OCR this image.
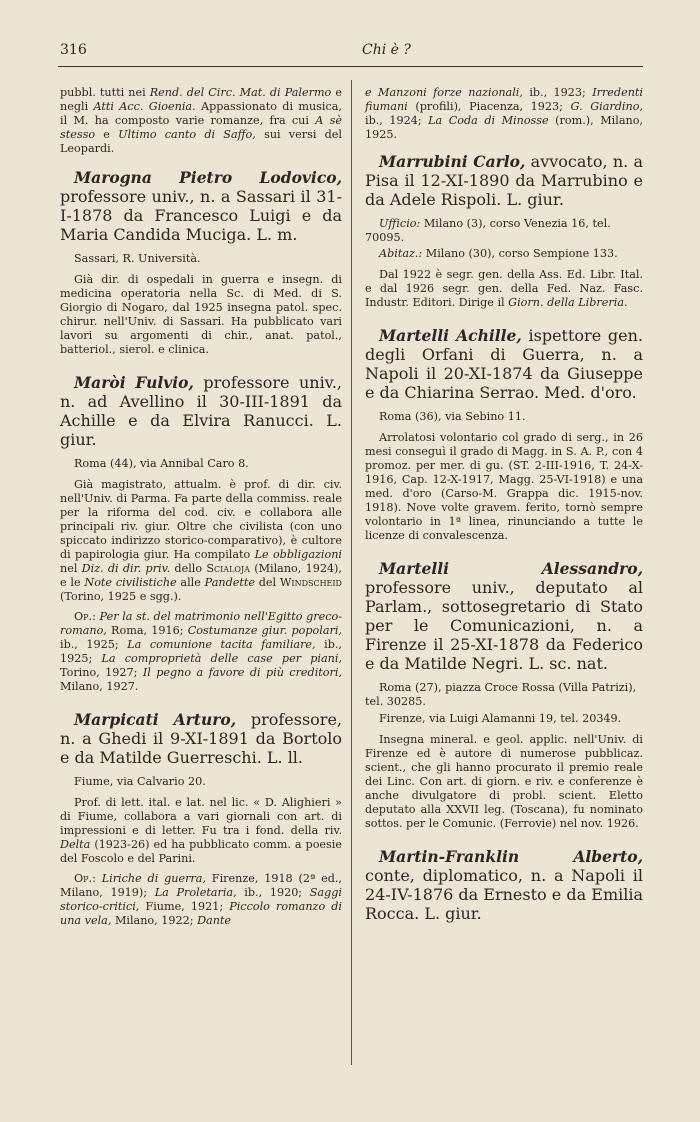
316	Chi è ?

pubbl. tutti nei Rend. del Circ. Mat. di Palermo e negli Atti Acc. Gioenia. Appassionato di musica, il M. ha composto varie romanze, fra cui A sè stesso e Ultimo canto di Saffo, sui versi del Leopardi.

Marogna Pietro Lodovico, professore univ., n. a Sassari il 31-I-1878 da Francesco Luigi e da Maria Candida Muciga. L. m.

Sassari, R. Università.

Già dir. di ospedali in guerra e insegn. di medicina operatoria nella Sc. di Med. di S. Giorgio di Nogaro, dal 1925 insegna patol. spec. chirur. nell'Univ. di Sassari. Ha pubblicato vari lavori su argomenti di chir., anat. patol., batteriol., sierol. e clinica.

Maròi Fulvio, professore univ., n. ad Avellino il 30-III-1891 da Achille e da Elvira Ranucci. L. giur.

Roma (44), via Annibal Caro 8.

Già magistrato, attualm. è prof. di dir. civ. nell'Univ. di Parma. Fa parte della commiss. reale per la riforma del cod. civ. e collabora alle principali riv. giur. Oltre che civilista (con uno spiccato indirizzo storico-comparativo), è cultore di papirologia giur. Ha compilato Le obbligazioni nel Diz. di dir. priv. dello Scialoja (Milano, 1924), e le Note civilistiche alle Pandette del Windscheid (Torino, 1925 e sgg.).

Op.: Per la st. del matrimonio nell'Egitto greco-romano, Roma, 1916; Costumanze giur. popolari, ib., 1925; La comunione tacita familiare, ib., 1925; La comproprietà delle case per piani, Torino, 1927; Il pegno a favore di più creditori, Milano, 1927.

Marpicati Arturo, professore, n. a Ghedi il 9-XI-1891 da Bortolo e da Matilde Guerreschi. L. ll.

Fiume, via Calvario 20.

Prof. di lett. ital. e lat. nel lic. « D. Alighieri » di Fiume, collabora a vari giornali con art. di impressioni e di letter. Fu tra i fond. della riv. Delta (1923-26) ed ha pubblicato comm. a poesie del Foscolo e del Parini.

Op.: Liriche di guerra, Firenze, 1918 (2ª ed., Milano, 1919); La Proletaria, ib., 1920; Saggi storico-critici, Fiume, 1921; Piccolo romanzo di una vela, Milano, 1922; Dante

e Manzoni forze nazionali, ib., 1923; Irredenti fiumani (profili), Piacenza, 1923; G. Giardino, ib., 1924; La Coda di Minosse (rom.), Milano, 1925.

Marrubini Carlo, avvocato, n. a Pisa il 12-XI-1890 da Marrubino e da Adele Rispoli. L. giur.

Ufficio: Milano (3), corso Venezia 16, tel. 70095.

Abitaz.: Milano (30), corso Sempione 133.

Dal 1922 è segr. gen. della Ass. Ed. Libr. Ital. e dal 1926 segr. gen. della Fed. Naz. Fasc. Industr. Editori. Dirige il Giorn. della Libreria.

Martelli Achille, ispettore gen. degli Orfani di Guerra, n. a Napoli il 20-XI-1874 da Giuseppe e da Chiarina Serrao. Med. d'oro.

Roma (36), via Sebino 11.

Arrolatosi volontario col grado di serg., in 26 mesi conseguì il grado di Magg. in S. A. P., con 4 promoz. per mer. di gu. (ST. 2-III-1916, T. 24-X-1916, Cap. 12-X-1917, Magg. 25-VI-1918) e una med. d'oro (Carso-M. Grappa dic. 1915-nov. 1918). Nove volte gravem. ferito, tornò sempre volontario in 1ª linea, rinunciando a tutte le licenze di convalescenza.

Martelli Alessandro, professore univ., deputato al Parlam., sottosegretario di Stato per le Comunicazioni, n. a Firenze il 25-XI-1878 da Federico e da Matilde Negri. L. sc. nat.

Roma (27), piazza Croce Rossa (Villa Patrizi), tel. 30285.

Firenze, via Luigi Alamanni 19, tel. 20349.

Insegna mineral. e geol. applic. nell'Univ. di Firenze ed è autore di numerose pubblicaz. scient., che gli hanno procurato il premio reale dei Linc. Con art. di giorn. e riv. e conferenze è anche divulgatore di probl. scient. Eletto deputato alla XXVII leg. (Toscana), fu nominato sottos. per le Comunic. (Ferrovie) nel nov. 1926.

Martin-Franklin Alberto, conte, diplomatico, n. a Napoli il 24-IV-1876 da Ernesto e da Emilia Rocca. L. giur.
